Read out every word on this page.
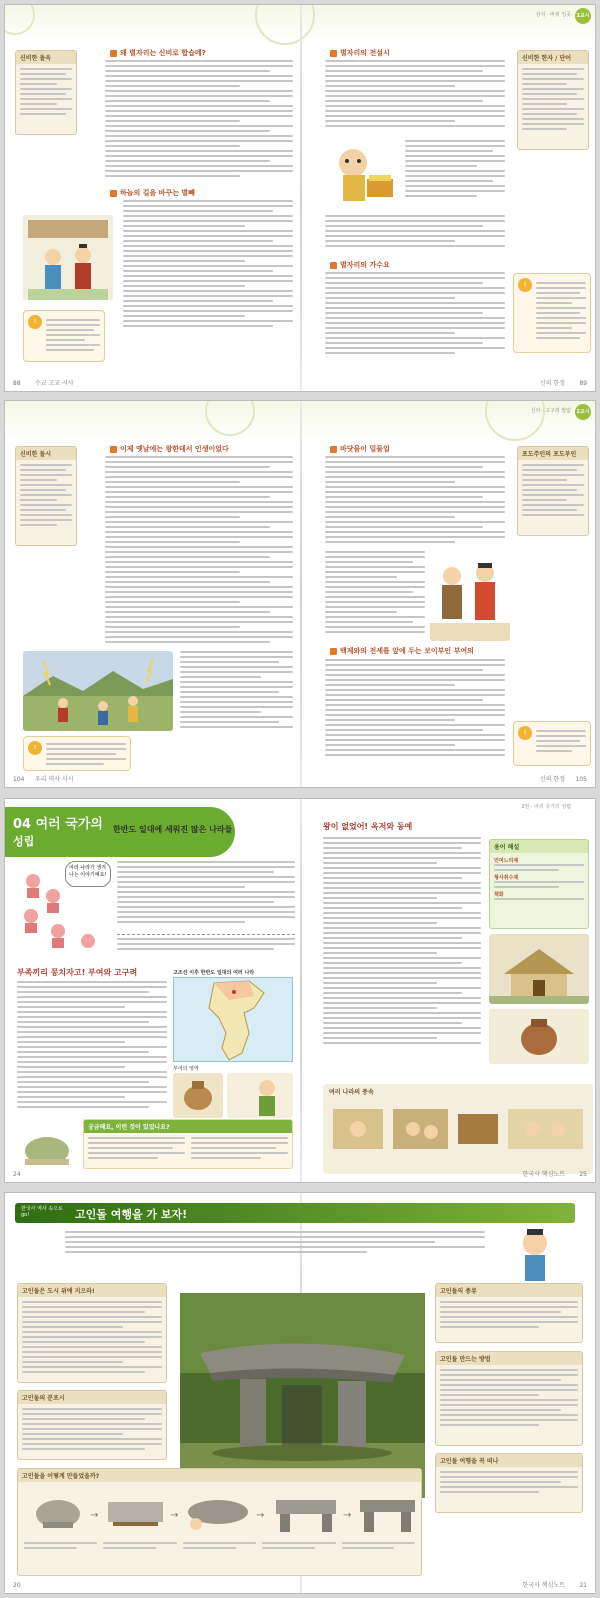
상지 · 바위 잉곳 1교시
신비한 돌옥
왜 별자리는 신비로 합습메?
하늘의 길을 바꾸는 별빼
!
별자리의 전설시
별자리의 가수요
신비한 한자 / 단어
!
88 수교 고교 시사	신의 한정 89
신라 · 고구려 말없 2교시
신비한 돌시
이제 옛날에는 왕한테서 인생이었다
!
바닷물이 밀물일
백제와의 전세를 앞에 두는 보이부인 부여의
포도주인의 포도부인
!
104 우리 역사 사시	신의 한정 105
04 여러 국가의
성립
한반도 일대에 세워진 많은 나라들
여러 나라가 생겨나는 이야기예요!
부족끼리 뭉치자고! 부여와 고구려	고조선 이후 한반도 일대의 여러 나라
부여의 영역
궁금해요, 이런 것이 있었나요?
2권 · 여러 국가의 성립
왕이 없었어! 옥저와 동예
용어 해설
민며느리제
형사취수제
책화
여러 나라의 풍속
24	한국사 핵심노트 25
한국사 역사 속으로 go!	고인돌 여행을 가 보자!
고인돌은 도시 위에 지으라!
고인돌의 분포시
고인돌의 종류
고인돌 만드는 방법
고인돌 여행을 꼭 떠나
고인돌을 어떻게 만들었을까?
→	→	→	→
20	한국사 핵심노트 21
